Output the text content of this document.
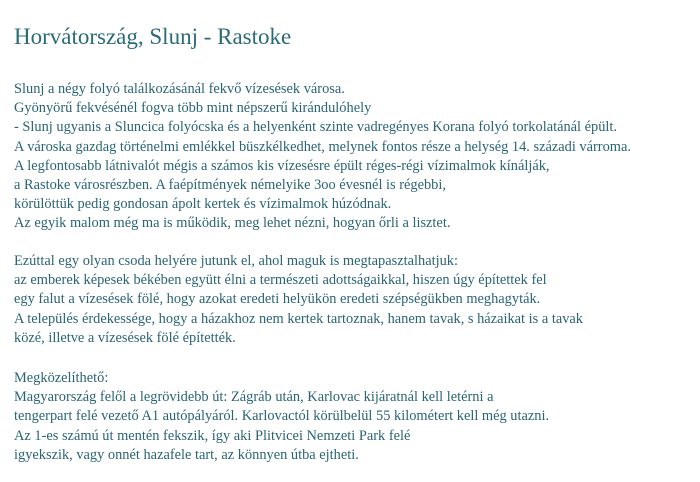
Horvátország, Slunj - Rastoke
Slunj a négy folyó találkozásánál fekvő vízesések városa.
Gyönyörű fekvésénél fogva több mint népszerű kirándulóhely
- Slunj ugyanis a Sluncica folyócska és a helyenként szinte vadregényes Korana folyó torkolatánál épült.
A városka gazdag történelmi emlékkel büszkélkedhet, melynek fontos része a helység 14. századi várroma.
A legfontosabb látnivalót mégis a számos kis vízesésre épült réges-régi vízimalmok kínálják,
a Rastoke városrészben. A faépítmények némelyike 3oo évesnél is régebbi,
körülöttük pedig gondosan ápolt kertek és vízimalmok húzódnak.
Az egyik malom még ma is működik, meg lehet nézni, hogyan őrli a lisztet.
Ezúttal egy olyan csoda helyére jutunk el, ahol maguk is megtapasztalhatjuk:
az emberek képesek békében együtt élni a természeti adottságaikkal, hiszen úgy építettek fel
egy falut a vízesések fölé, hogy azokat eredeti helyükön eredeti szépségükben meghagyták.
A település érdekessége, hogy a házakhoz nem kertek tartoznak, hanem tavak, s házaikat is a tavak
közé, illetve a vízesések fölé építették.
Megközelíthető:
Magyarország felől a legrövidebb út: Zágráb után, Karlovac kijáratnál kell letérni a
tengerpart felé vezető A1 autópályáról. Karlovactól körülbelül 55 kilométert kell még utazni.
Az 1-es számú út mentén fekszik, így aki Plitvicei Nemzeti Park felé
igyekszik, vagy onnét hazafele tart, az könnyen útba ejtheti.
